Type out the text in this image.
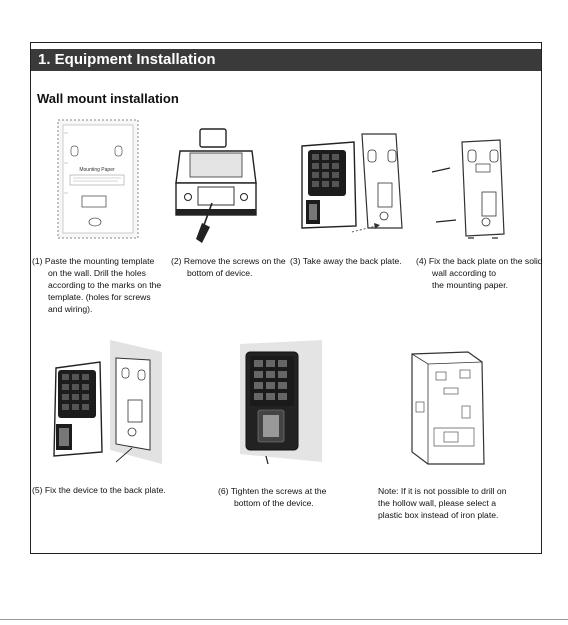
1. Equipment Installation
Wall mount installation
Mounting Paper
(1) Paste the mounting template
on the wall. Drill the holes
according to the marks on the
template. (holes for screws
and wiring).
(2) Remove the screws on the
bottom of device.
(3) Take away the back plate.	(4) Fix the back plate on the solid
wall according to
the mounting paper.
(5) Fix the device to the back plate.	(6) Tighten the screws at the
bottom of the device.
Note: If it is not possible to drill on
the hollow wall, please select a
plastic box instead of iron plate.
